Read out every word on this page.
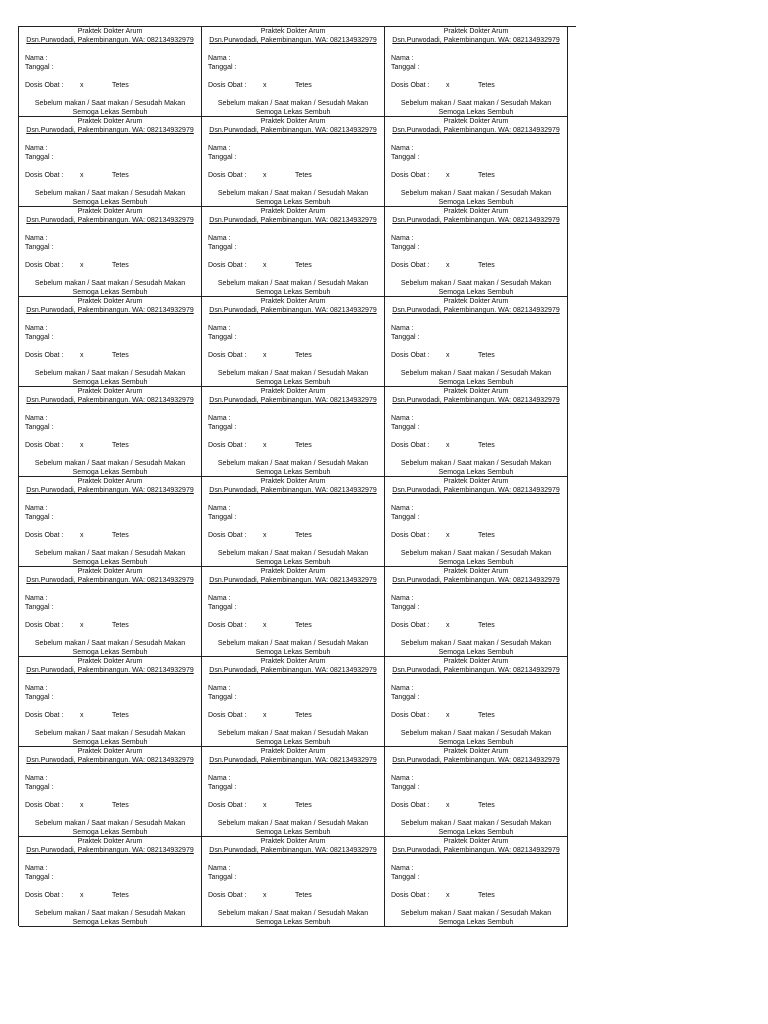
Praktek Dokter Arum
Dsn.Purwodadi, Pakembinangun. WA: 082134932979
Nama :
Tanggal :
Dosis Obat : x	Tetes
Sebelum makan / Saat makan / Sesudah Makan
Semoga Lekas Sembuh
Praktek Dokter Arum
Dsn.Purwodadi, Pakembinangun. WA: 082134932979
Nama :
Tanggal :
Dosis Obat : x	Tetes
Sebelum makan / Saat makan / Sesudah Makan
Semoga Lekas Sembuh
Praktek Dokter Arum
Dsn.Purwodadi, Pakembinangun. WA: 082134932979
Nama :
Tanggal :
Dosis Obat : x	Tetes
Sebelum makan / Saat makan / Sesudah Makan
Semoga Lekas Sembuh
Praktek Dokter Arum
Dsn.Purwodadi, Pakembinangun. WA: 082134932979
Nama :
Tanggal :
Dosis Obat : x	Tetes
Sebelum makan / Saat makan / Sesudah Makan
Semoga Lekas Sembuh
Praktek Dokter Arum
Dsn.Purwodadi, Pakembinangun. WA: 082134932979
Nama :
Tanggal :
Dosis Obat : x	Tetes
Sebelum makan / Saat makan / Sesudah Makan
Semoga Lekas Sembuh
Praktek Dokter Arum
Dsn.Purwodadi, Pakembinangun. WA: 082134932979
Nama :
Tanggal :
Dosis Obat : x	Tetes
Sebelum makan / Saat makan / Sesudah Makan
Semoga Lekas Sembuh
Praktek Dokter Arum
Dsn.Purwodadi, Pakembinangun. WA: 082134932979
Nama :
Tanggal :
Dosis Obat : x	Tetes
Sebelum makan / Saat makan / Sesudah Makan
Semoga Lekas Sembuh
Praktek Dokter Arum
Dsn.Purwodadi, Pakembinangun. WA: 082134932979
Nama :
Tanggal :
Dosis Obat : x	Tetes
Sebelum makan / Saat makan / Sesudah Makan
Semoga Lekas Sembuh
Praktek Dokter Arum
Dsn.Purwodadi, Pakembinangun. WA: 082134932979
Nama :
Tanggal :
Dosis Obat : x	Tetes
Sebelum makan / Saat makan / Sesudah Makan
Semoga Lekas Sembuh
Praktek Dokter Arum
Dsn.Purwodadi, Pakembinangun. WA: 082134932979
Nama :
Tanggal :
Dosis Obat : x	Tetes
Sebelum makan / Saat makan / Sesudah Makan
Semoga Lekas Sembuh
Praktek Dokter Arum
Dsn.Purwodadi, Pakembinangun. WA: 082134932979
Nama :
Tanggal :
Dosis Obat : x	Tetes
Sebelum makan / Saat makan / Sesudah Makan
Semoga Lekas Sembuh
Praktek Dokter Arum
Dsn.Purwodadi, Pakembinangun. WA: 082134932979
Nama :
Tanggal :
Dosis Obat : x	Tetes
Sebelum makan / Saat makan / Sesudah Makan
Semoga Lekas Sembuh
Praktek Dokter Arum
Dsn.Purwodadi, Pakembinangun. WA: 082134932979
Nama :
Tanggal :
Dosis Obat : x	Tetes
Sebelum makan / Saat makan / Sesudah Makan
Semoga Lekas Sembuh
Praktek Dokter Arum
Dsn.Purwodadi, Pakembinangun. WA: 082134932979
Nama :
Tanggal :
Dosis Obat : x	Tetes
Sebelum makan / Saat makan / Sesudah Makan
Semoga Lekas Sembuh
Praktek Dokter Arum
Dsn.Purwodadi, Pakembinangun. WA: 082134932979
Nama :
Tanggal :
Dosis Obat : x	Tetes
Sebelum makan / Saat makan / Sesudah Makan
Semoga Lekas Sembuh
Praktek Dokter Arum
Dsn.Purwodadi, Pakembinangun. WA: 082134932979
Nama :
Tanggal :
Dosis Obat : x	Tetes
Sebelum makan / Saat makan / Sesudah Makan
Semoga Lekas Sembuh
Praktek Dokter Arum
Dsn.Purwodadi, Pakembinangun. WA: 082134932979
Nama :
Tanggal :
Dosis Obat : x	Tetes
Sebelum makan / Saat makan / Sesudah Makan
Semoga Lekas Sembuh
Praktek Dokter Arum
Dsn.Purwodadi, Pakembinangun. WA: 082134932979
Nama :
Tanggal :
Dosis Obat : x	Tetes
Sebelum makan / Saat makan / Sesudah Makan
Semoga Lekas Sembuh
Praktek Dokter Arum
Dsn.Purwodadi, Pakembinangun. WA: 082134932979
Nama :
Tanggal :
Dosis Obat : x	Tetes
Sebelum makan / Saat makan / Sesudah Makan
Semoga Lekas Sembuh
Praktek Dokter Arum
Dsn.Purwodadi, Pakembinangun. WA: 082134932979
Nama :
Tanggal :
Dosis Obat : x	Tetes
Sebelum makan / Saat makan / Sesudah Makan
Semoga Lekas Sembuh
Praktek Dokter Arum
Dsn.Purwodadi, Pakembinangun. WA: 082134932979
Nama :
Tanggal :
Dosis Obat : x	Tetes
Sebelum makan / Saat makan / Sesudah Makan
Semoga Lekas Sembuh
Praktek Dokter Arum
Dsn.Purwodadi, Pakembinangun. WA: 082134932979
Nama :
Tanggal :
Dosis Obat : x	Tetes
Sebelum makan / Saat makan / Sesudah Makan
Semoga Lekas Sembuh
Praktek Dokter Arum
Dsn.Purwodadi, Pakembinangun. WA: 082134932979
Nama :
Tanggal :
Dosis Obat : x	Tetes
Sebelum makan / Saat makan / Sesudah Makan
Semoga Lekas Sembuh
Praktek Dokter Arum
Dsn.Purwodadi, Pakembinangun. WA: 082134932979
Nama :
Tanggal :
Dosis Obat : x	Tetes
Sebelum makan / Saat makan / Sesudah Makan
Semoga Lekas Sembuh
Praktek Dokter Arum
Dsn.Purwodadi, Pakembinangun. WA: 082134932979
Nama :
Tanggal :
Dosis Obat : x	Tetes
Sebelum makan / Saat makan / Sesudah Makan
Semoga Lekas Sembuh
Praktek Dokter Arum
Dsn.Purwodadi, Pakembinangun. WA: 082134932979
Nama :
Tanggal :
Dosis Obat : x	Tetes
Sebelum makan / Saat makan / Sesudah Makan
Semoga Lekas Sembuh
Praktek Dokter Arum
Dsn.Purwodadi, Pakembinangun. WA: 082134932979
Nama :
Tanggal :
Dosis Obat : x	Tetes
Sebelum makan / Saat makan / Sesudah Makan
Semoga Lekas Sembuh
Praktek Dokter Arum
Dsn.Purwodadi, Pakembinangun. WA: 082134932979
Nama :
Tanggal :
Dosis Obat : x	Tetes
Sebelum makan / Saat makan / Sesudah Makan
Semoga Lekas Sembuh
Praktek Dokter Arum
Dsn.Purwodadi, Pakembinangun. WA: 082134932979
Nama :
Tanggal :
Dosis Obat : x	Tetes
Sebelum makan / Saat makan / Sesudah Makan
Semoga Lekas Sembuh
Praktek Dokter Arum
Dsn.Purwodadi, Pakembinangun. WA: 082134932979
Nama :
Tanggal :
Dosis Obat : x	Tetes
Sebelum makan / Saat makan / Sesudah Makan
Semoga Lekas Sembuh
